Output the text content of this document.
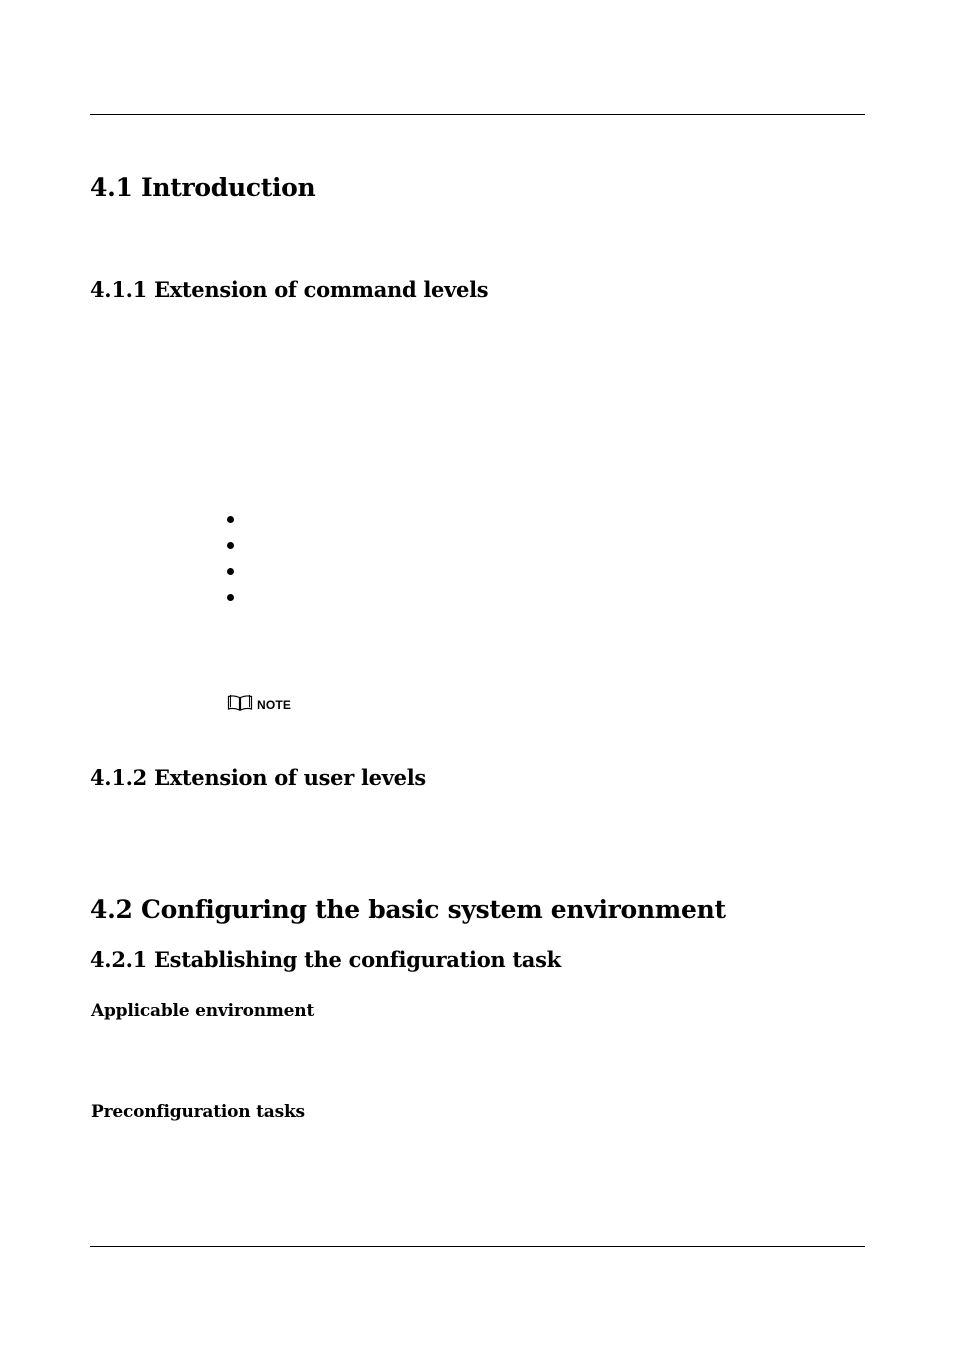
4.1 Introduction
4.1.1 Extension of command levels
NOTE
4.1.2 Extension of user levels
4.2 Configuring the basic system environment
4.2.1 Establishing the configuration task
Applicable environment
Preconfiguration tasks
